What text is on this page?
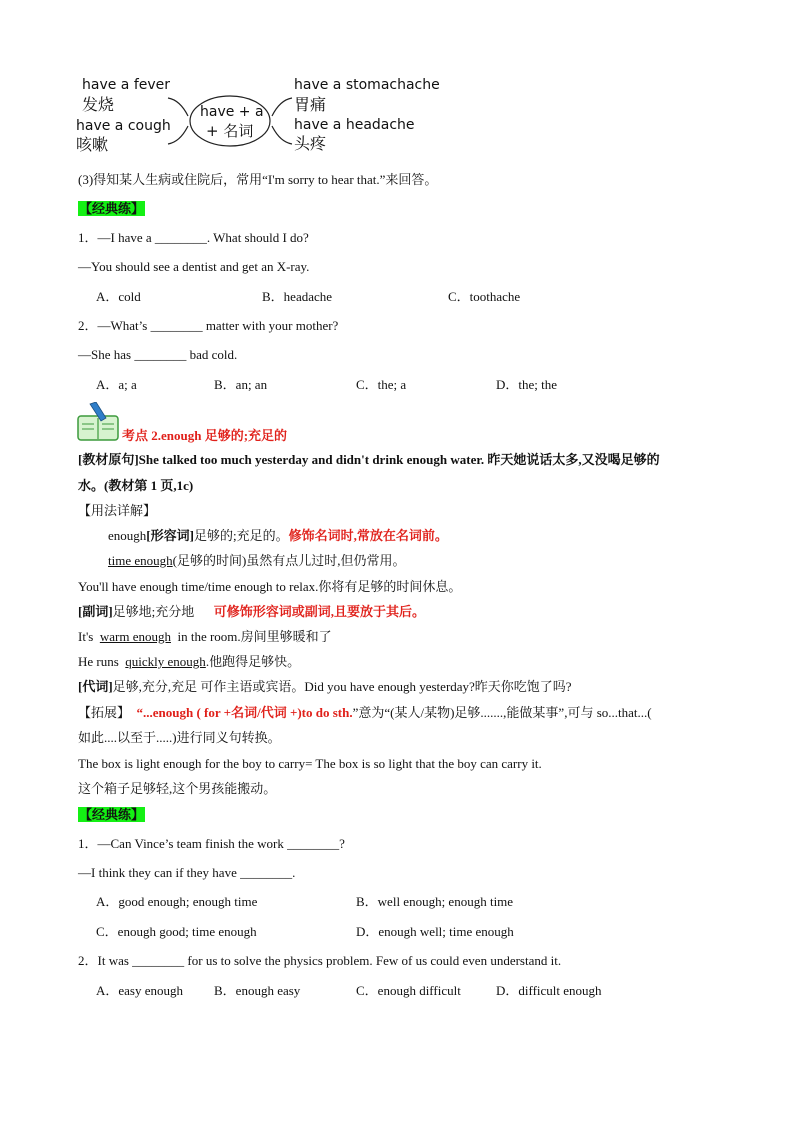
have a fever
发烧
have a cough
咳嗽
have + a
+ 名词
have a stomachache
胃痛
have a headache
头疼
(3)得知某人生病或住院后，常用“I'm sorry to hear that.”来回答。
【经典练】
1．—I have a ________. What should I do?
—You should see a dentist and get an X-ray.
A．cold	B．headache	C．toothache
2．—What’s ________ matter with your mother?
—She has ________ bad cold.
A．a; a	B．an; an	C．the; a	D．the; the
考点 2.enough 足够的;充足的
[教材原句]She talked too much yesterday and didn't drink enough water. 昨天她说话太多,又没喝足够的
水。(教材第 1 页,1c)
【用法详解】
enough[形容词]足够的;充足的。修饰名词时,常放在名词前。
time enough(足够的时间)虽然有点儿过时,但仍常用。
You'll have enough time/time enough to relax.你将有足够的时间休息。
[副词]足够地;充分地 可修饰形容词或副词,且要放于其后。
It's warm enough in the room.房间里够暖和了
He runs quickly enough.他跑得足够快。
[代词]足够,充分,充足 可作主语或宾语。Did you have enough yesterday?昨天你吃饱了吗?
【拓展】 “...enough ( for +名词/代词 +)to do sth.”意为“(某人/某物)足够.......,能做某事”,可与 so...that...(
如此....以至于.....)进行同义句转换。
The box is light enough for the boy to carry= The box is so light that the boy can carry it.
这个箱子足够轻,这个男孩能搬动。
【经典练】
1．—Can Vince’s team finish the work ________?
—I think they can if they have ________.
A．good enough; enough time	B．well enough; enough time
C．enough good; time enough	D．enough well; time enough
2．It was ________ for us to solve the physics problem. Few of us could even understand it.
A．easy enough B．enough easy	C．enough difficult	D．difficult enough
